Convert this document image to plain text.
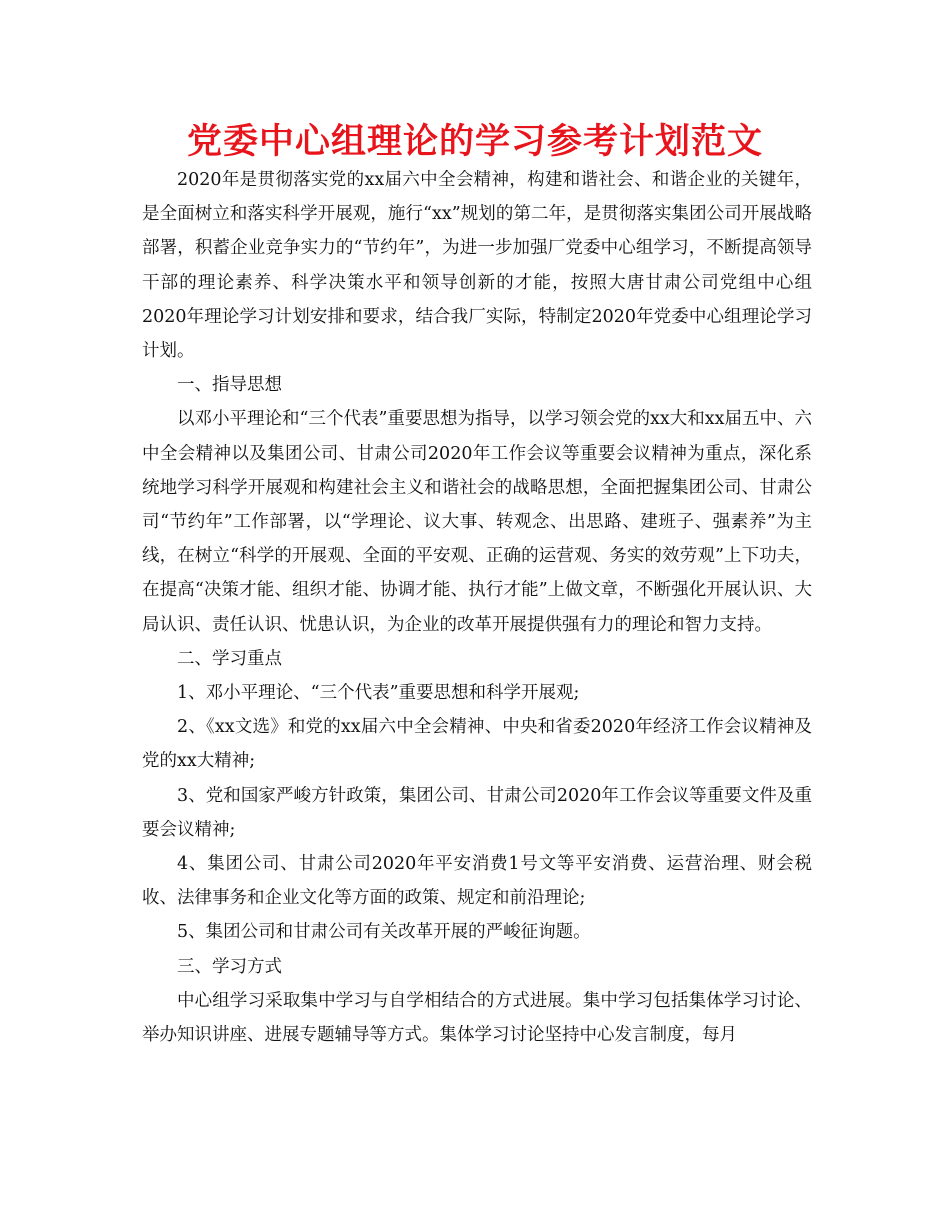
党委中心组理论的学习参考计划范文

2020年是贯彻落实党的xx届六中全会精神，构建和谐社会、和谐企业的关键年，是全面树立和落实科学开展观，施行“xx”规划的第二年，是贯彻落实集团公司开展战略部署，积蓄企业竞争实力的“节约年”，为进一步加强厂党委中心组学习，不断提高领导干部的理论素养、科学决策水平和领导创新的才能，按照大唐甘肃公司党组中心组2020年理论学习计划安排和要求，结合我厂实际，特制定2020年党委中心组理论学习计划。

一、指导思想

以邓小平理论和“三个代表”重要思想为指导，以学习领会党的xx大和xx届五中、六中全会精神以及集团公司、甘肃公司2020年工作会议等重要会议精神为重点，深化系统地学习科学开展观和构建社会主义和谐社会的战略思想，全面把握集团公司、甘肃公司“节约年”工作部署，以“学理论、议大事、转观念、出思路、建班子、强素养”为主线，在树立“科学的开展观、全面的平安观、正确的运营观、务实的效劳观”上下功夫，在提高“决策才能、组织才能、协调才能、执行才能”上做文章，不断强化开展认识、大局认识、责任认识、忧患认识，为企业的改革开展提供强有力的理论和智力支持。

二、学习重点

1、邓小平理论、“三个代表”重要思想和科学开展观;

2、《xx文选》和党的xx届六中全会精神、中央和省委2020年经济工作会议精神及党的xx大精神;

3、党和国家严峻方针政策，集团公司、甘肃公司2020年工作会议等重要文件及重要会议精神;

4、集团公司、甘肃公司2020年平安消费1号文等平安消费、运营治理、财会税收、法律事务和企业文化等方面的政策、规定和前沿理论;

5、集团公司和甘肃公司有关改革开展的严峻征询题。

三、学习方式

中心组学习采取集中学习与自学相结合的方式进展。集中学习包括集体学习讨论、举办知识讲座、进展专题辅导等方式。集体学习讨论坚持中心发言制度，每月
